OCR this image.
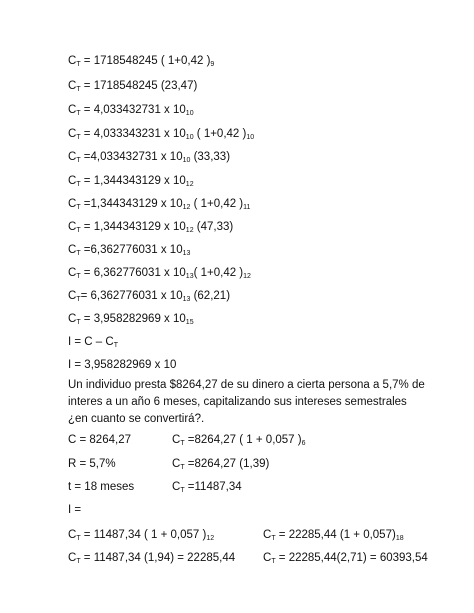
$C_T = 1718548245$ ( 1+0,42 )$_9$
$C_T = 1718548245$ (23,47)
$C_T = 4,033432731$ x $10_{10}$
$C_T = 4,033343231$ x $10_{10}$ ( 1+0,42 )$_{10}$
$C_T =4,033432731$ x $10_{10}$ (33,33)
$C_T = 1,344343129$ x $10_{12}$
$C_T =1,344343129$ x $10_{12}$ ( 1+0,42 )$_{11}$
$C_T = 1,344343129$ x $10_{12}$ (47,33)
$C_T =6,362776031$ x $10_{13}$
$C_T = 6,362776031$ x $10_{13}$( 1+0,42 )$_{12}$
$C_T= 6,362776031$ x $10_{13}$ (62,21)
$C_T = 3,958282969$ x $10_{15}$
$I = C - C_T$
I = 3,958282969 x 10
Un individuo presta $8264,27 de su dinero a cierta persona a 5,7% de interes a un año 6 meses, capitalizando sus intereses semestrales ¿en cuanto se convertirá?.
C = 8264,27	$C_T =8264,27$ ( 1 + 0,057 )$_6$
R = 5,7%	$C_T =8264,27$ (1,39)
t = 18 meses	$C_T =11487,34$
I =
$C_T = 11487,34$ ( 1 + 0,057 )$_{12}$	$C_T = 22285,44$ $(1 + 0,057)_{18}$
$C_T = 11487,34$ (1,94) = 22285,44 $C_T = 22285,44(2,71) = 60393,54$
